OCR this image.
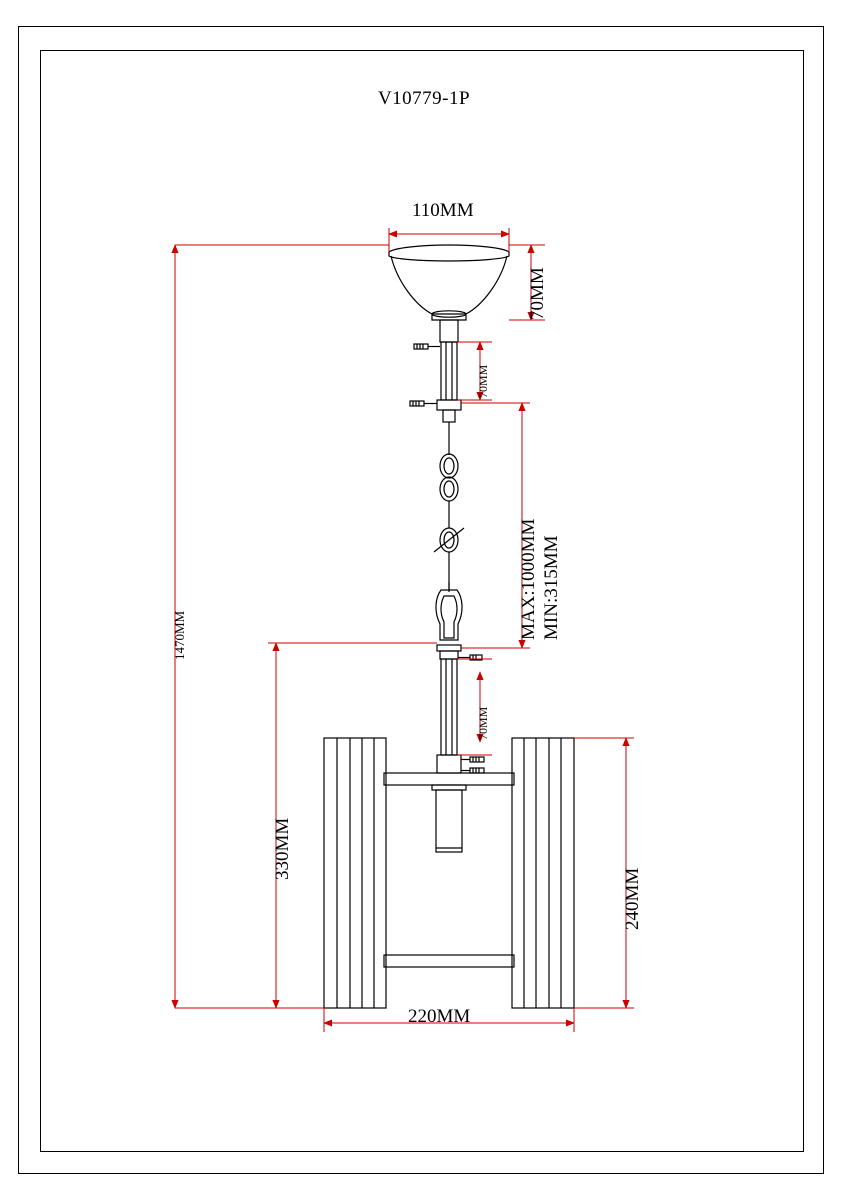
V10779-1P
110MM
70MM
70MM
MAX:1000MM MIN:315MM
70MM
1470MM
330MM
240MM
220MM
